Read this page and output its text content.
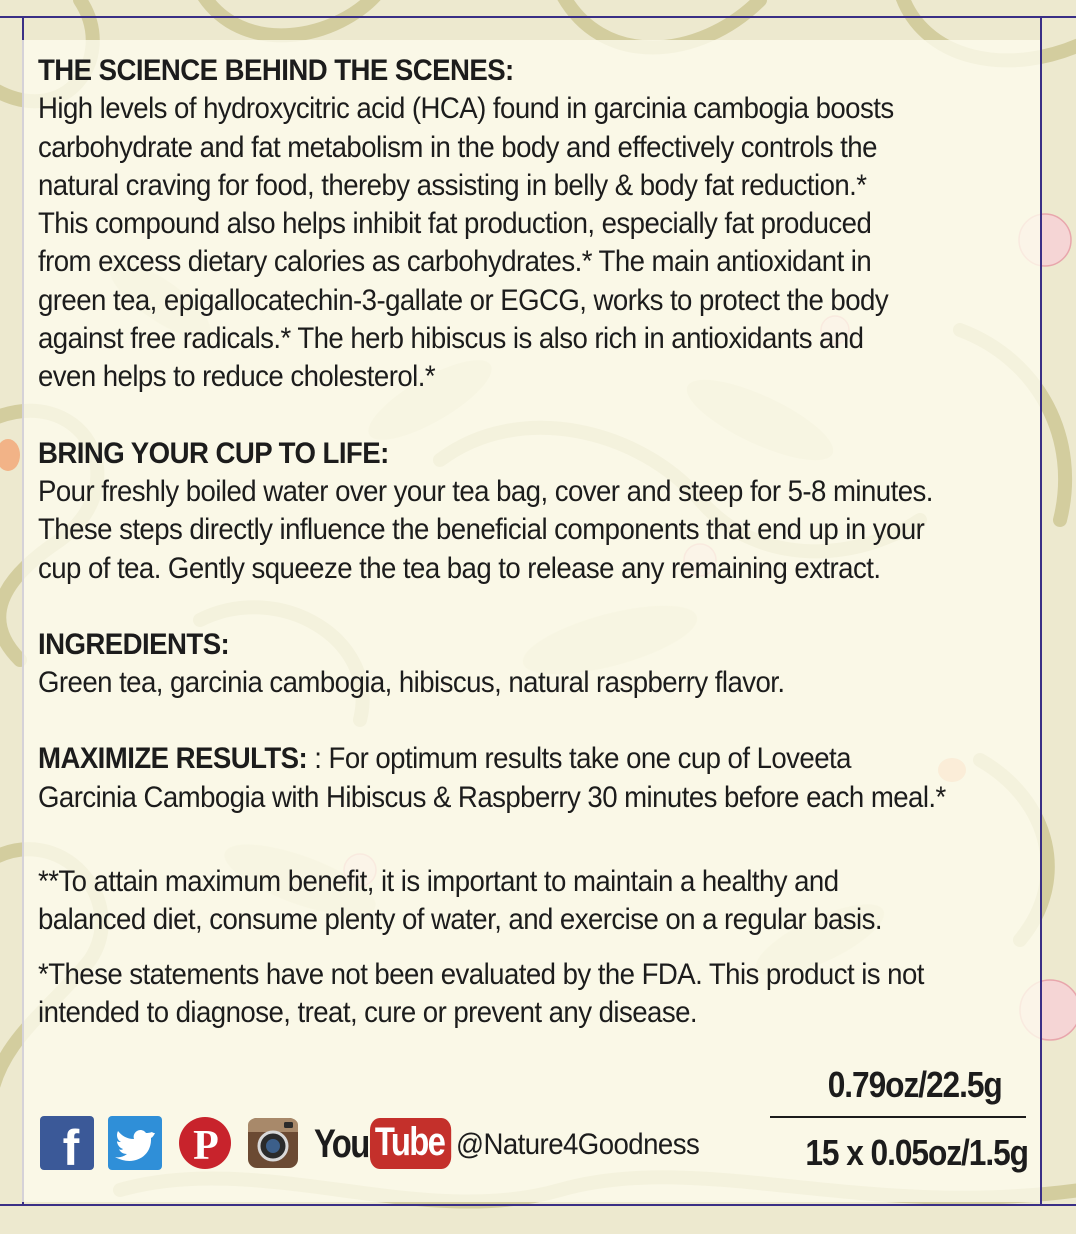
THE SCIENCE BEHIND THE SCENES:

High levels of hydroxycitric acid (HCA) found in garcinia cambogia boosts

carbohydrate and fat metabolism in the body and effectively controls the

natural craving for food, thereby assisting in belly & body fat reduction.*

This compound also helps inhibit fat production, especially fat produced

from excess dietary calories as carbohydrates.* The main antioxidant in

green tea, epigallocatechin-3-gallate or EGCG, works to protect the body

against free radicals.* The herb hibiscus is also rich in antioxidants and

even helps to reduce cholesterol.*

BRING YOUR CUP TO LIFE:

Pour freshly boiled water over your tea bag, cover and steep for 5-8 minutes.

These steps directly influence the beneficial components that end up in your

cup of tea. Gently squeeze the tea bag to release any remaining extract.

INGREDIENTS:

Green tea, garcinia cambogia, hibiscus, natural raspberry flavor.

MAXIMIZE RESULTS: : For optimum results take one cup of Loveeta

Garcinia Cambogia with Hibiscus & Raspberry 30 minutes before each meal.*

**To attain maximum benefit, it is important to maintain a healthy and

balanced diet, consume plenty of water, and exercise on a regular basis.

*These statements have not been evaluated by the FDA. This product is not

intended to diagnose, treat, cure or prevent any disease.

0.79oz/22.5g
15 x 0.05oz/1.5g
f	P You Tube @Nature4Goodness
